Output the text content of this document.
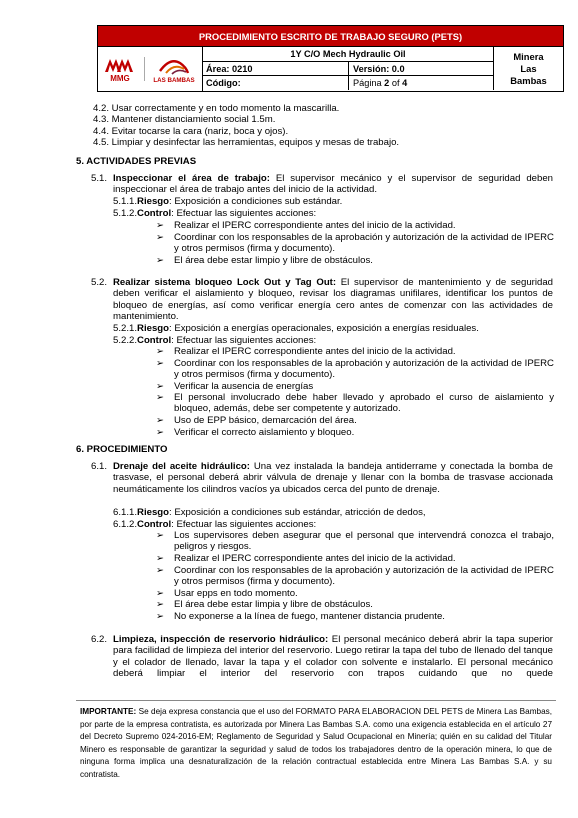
PROCEDIMIENTO ESCRITO DE TRABAJO SEGURO (PETS)
MMG	LAS BAMBAS
1Y C/O Mech Hydraulic Oil
Área: 0210	Versión: 0.0
Código:	Página 2 of 4
Minera
Las
Bambas
4.2. Usar correctamente y en todo momento la mascarilla.
4.3. Mantener distanciamiento social 1.5m.
4.4. Evitar tocarse la cara (nariz, boca y ojos).
4.5. Limpiar y desinfectar las herramientas, equipos y mesas de trabajo.
5. ACTIVIDADES PREVIAS
5.1. Inspeccionar el área de trabajo: El supervisor mecánico y el supervisor de seguridad deben inspeccionar el área de trabajo antes del inicio de la actividad.
5.1.1.Riesgo: Exposición a condiciones sub estándar.
5.1.2.Control: Efectuar las siguientes acciones:
➢ Realizar el IPERC correspondiente antes del inicio de la actividad.
➢ Coordinar con los responsables de la aprobación y autorización de la actividad de IPERC y otros permisos (firma y documento).
➢ El área debe estar limpio y libre de obstáculos.
5.2. Realizar sistema bloqueo Lock Out y Tag Out: El supervisor de mantenimiento y de seguridad deben verificar el aislamiento y bloqueo, revisar los diagramas unifilares, identificar los puntos de bloqueo de energías, así como verificar energía cero antes de comenzar con las actividades de mantenimiento.
5.2.1.Riesgo: Exposición a energías operacionales, exposición a energías residuales.
5.2.2.Control: Efectuar las siguientes acciones:
➢ Realizar el IPERC correspondiente antes del inicio de la actividad.
➢ Coordinar con los responsables de la aprobación y autorización de la actividad de IPERC y otros permisos (firma y documento).
➢ Verificar la ausencia de energías
➢ El personal involucrado debe haber llevado y aprobado el curso de aislamiento y bloqueo, además, debe ser competente y autorizado.
➢ Uso de EPP básico, demarcación del área.
➢ Verificar el correcto aislamiento y bloqueo.
6. PROCEDIMIENTO
6.1. Drenaje del aceite hidráulico: Una vez instalada la bandeja antiderrame y conectada la bomba de trasvase, el personal deberá abrir válvula de drenaje y llenar con la bomba de trasvase accionada neumáticamente los cilindros vacíos ya ubicados cerca del punto de drenaje.
6.1.1.Riesgo: Exposición a condiciones sub estándar, atricción de dedos,
6.1.2.Control: Efectuar las siguientes acciones:
➢ Los supervisores deben asegurar que el personal que intervendrá conozca el trabajo, peligros y riesgos.
➢ Realizar el IPERC correspondiente antes del inicio de la actividad.
➢ Coordinar con los responsables de la aprobación y autorización de la actividad de IPERC y otros permisos (firma y documento).
➢ Usar epps en todo momento.
➢ El área debe estar limpia y libre de obstáculos.
➢ No exponerse a la línea de fuego, mantener distancia prudente.
6.2. Limpieza, inspección de reservorio hidráulico: El personal mecánico deberá abrir la tapa superior para facilidad de limpieza del interior del reservorio. Luego retirar la tapa del tubo de llenado del tanque y el colador de llenado, lavar la tapa y el colador con solvente e instalarlo. El personal mecánico deberá limpiar el interior del reservorio con trapos cuidando que no quede
IMPORTANTE: Se deja expresa constancia que el uso del FORMATO PARA ELABORACION DEL PETS de Minera Las Bambas, por parte de la empresa contratista, es autorizada por Minera Las Bambas S.A. como una exigencia establecida en el artículo 27 del Decreto Supremo 024-2016-EM; Reglamento de Seguridad y Salud Ocupacional en Minería; quién en su calidad del Titular Minero es responsable de garantizar la seguridad y salud de todos los trabajadores dentro de la operación minera, lo que de ninguna forma implica una desnaturalización de la relación contractual establecida entre Minera Las Bambas S.A. y su contratista.
